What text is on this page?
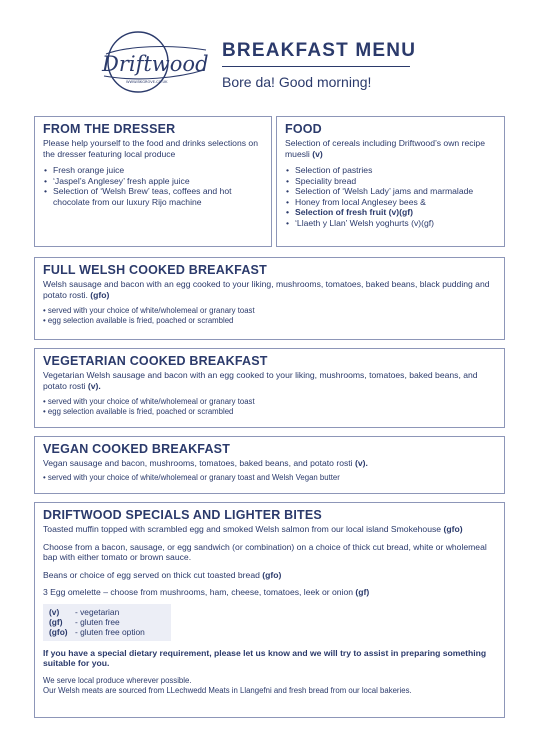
Driftwood
WWW.BKGROVE.CO.UK
BREAKFAST MENU
Bore da! Good morning!
FROM THE DRESSER

Please help yourself to the food and drinks selections on the dresser featuring local produce

• Fresh orange juice
• ‘Jaspel’s Anglesey’ fresh apple juice
• Selection of ‘Welsh Brew’ teas, coffees and hot chocolate from our luxury Rijo machine
FOOD

Selection of cereals including Driftwood’s own recipe muesli (v)

• Selection of pastries
• Speciality bread
• Selection of ‘Welsh Lady’ jams and marmalade
• Honey from local Anglesey bees &
• Selection of fresh fruit (v)(gf)
• ‘Llaeth y Llan’ Welsh yoghurts (v)(gf)
FULL WELSH COOKED BREAKFAST

Welsh sausage and bacon with an egg cooked to your liking, mushrooms, tomatoes, baked beans, black pudding and potato rosti. (gfo)

• served with your choice of white/wholemeal or granary toast

• egg selection available is fried, poached or scrambled

VEGETARIAN COOKED BREAKFAST

Vegetarian Welsh sausage and bacon with an egg cooked to your liking, mushrooms, tomatoes, baked beans, and potato rosti (v).

• served with your choice of white/wholemeal or granary toast

• egg selection available is fried, poached or scrambled

VEGAN COOKED BREAKFAST

Vegan sausage and bacon, mushrooms, tomatoes, baked beans, and potato rosti (v).

• served with your choice of white/wholemeal or granary toast and Welsh Vegan butter

DRIFTWOOD SPECIALS AND LIGHTER BITES

Toasted muffin topped with scrambled egg and smoked Welsh salmon from our local island Smokehouse (gfo)

Choose from a bacon, sausage, or egg sandwich (or combination) on a choice of thick cut bread, white or wholemeal bap with either tomato or brown sauce.

Beans or choice of egg served on thick cut toasted bread (gfo)

3 Egg omelette – choose from mushrooms, ham, cheese, tomatoes, leek or onion (gf)

(v)	- vegetarian
(gf)	- gluten free
(gfo) - gluten free option

If you have a special dietary requirement, please let us know and we will try to assist in preparing something suitable for you.

We serve local produce wherever possible.

Our Welsh meats are sourced from LLechwedd Meats in Llangefni and fresh bread from our local bakeries.
